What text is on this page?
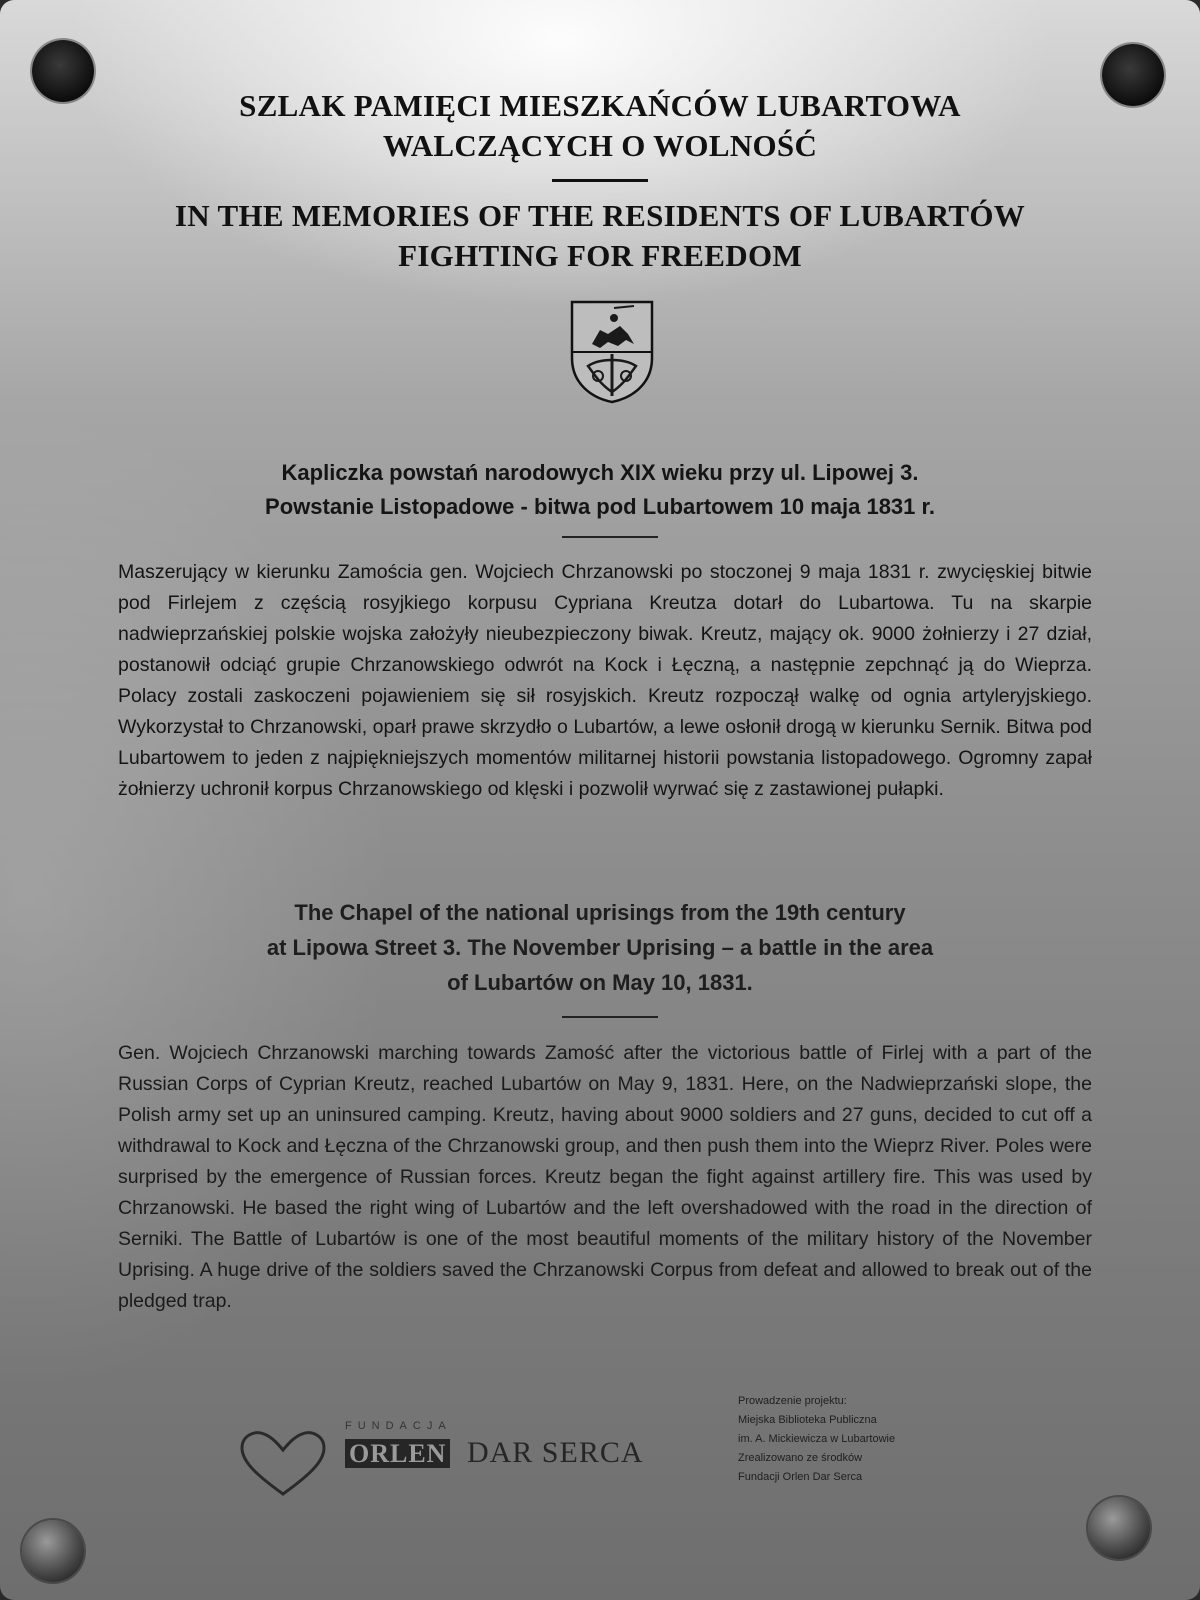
SZLAK PAMIĘCI MIESZKAŃCÓW LUBARTOWA
WALCZĄCYCH O WOLNOŚĆ
IN THE MEMORIES OF THE RESIDENTS OF LUBARTÓW
FIGHTING FOR FREEDOM
Kapliczka powstań narodowych XIX wieku przy ul. Lipowej 3.
Powstanie Listopadowe - bitwa pod Lubartowem 10 maja 1831 r.
Maszerujący w kierunku Zamościa gen. Wojciech Chrzanowski po stoczonej 9 maja 1831 r. zwycięskiej bitwie pod Firlejem z częścią rosyjkiego korpusu Cypriana Kreutza dotarł do Lubartowa. Tu na skarpie nadwieprzańskiej polskie wojska założyły nieubezpieczony biwak. Kreutz, mający ok. 9000 żołnierzy i 27 dział, postanowił odciąć grupie Chrzanowskiego odwrót na Kock i Łęczną, a następnie zepchnąć ją do Wieprza. Polacy zostali zaskoczeni pojawieniem się sił rosyjskich. Kreutz rozpoczął walkę od ognia artyleryjskiego. Wykorzystał to Chrzanowski, oparł prawe skrzydło o Lubartów, a lewe osłonił drogą w kierunku Sernik. Bitwa pod Lubartowem to jeden z najpiękniejszych momentów militarnej historii powstania listopadowego. Ogromny zapał żołnierzy uchronił korpus Chrzanowskiego od klęski i pozwolił wyrwać się z zastawionej pułapki.
The Chapel of the national uprisings from the 19th century
at Lipowa Street 3. The November Uprising – a battle in the area
of Lubartów on May 10, 1831.
Gen. Wojciech Chrzanowski marching towards Zamość after the victorious battle of Firlej with a part of the Russian Corps of Cyprian Kreutz, reached Lubartów on May 9, 1831. Here, on the Nadwieprzański slope, the Polish army set up an uninsured camping. Kreutz, having about 9000 soldiers and 27 guns, decided to cut off a withdrawal to Kock and Łęczna of the Chrzanowski group, and then push them into the Wieprz River. Poles were surprised by the emergence of Russian forces. Kreutz began the fight against artillery fire. This was used by Chrzanowski. He based the right wing of Lubartów and the left overshadowed with the road in the direction of Serniki. The Battle of Lubartów is one of the most beautiful moments of the military history of the November Uprising. A huge drive of the soldiers saved the Chrzanowski Corpus from defeat and allowed to break out of the pledged trap.
FUNDACJA
ORLEN DAR SERCA
Prowadzenie projektu:
Miejska Biblioteka Publiczna
im. A. Mickiewicza w Lubartowie
Zrealizowano ze środków
Fundacji Orlen Dar Serca
